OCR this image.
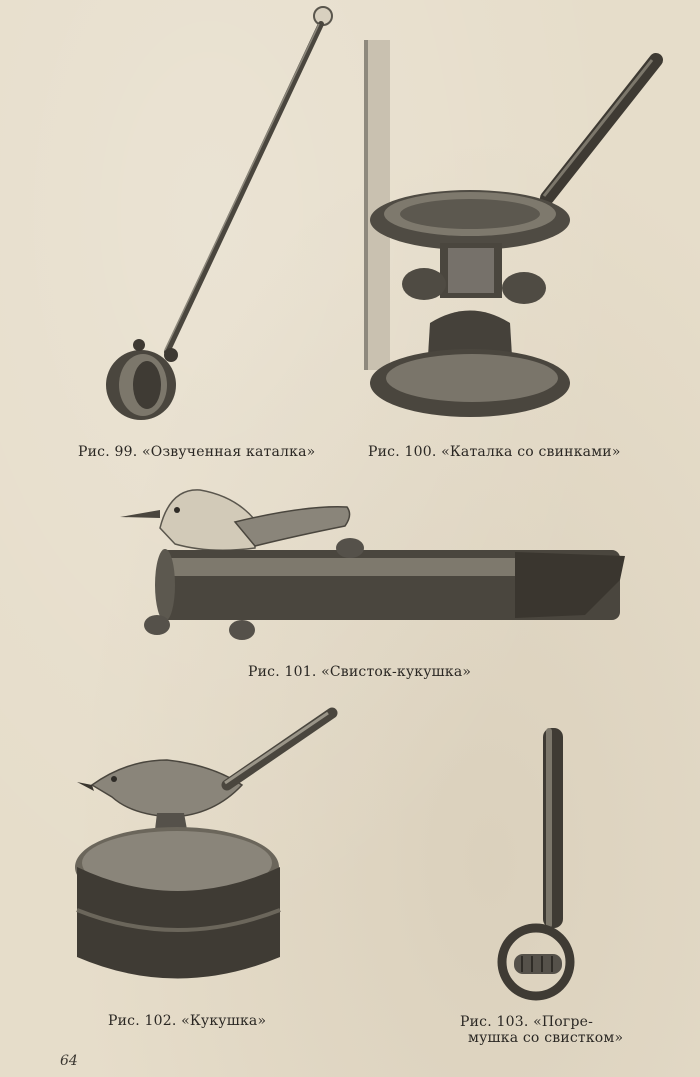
Рис. 99. «Озвученная каталка»	Рис. 100. «Каталка со свинками»
Рис. 101. «Свисток-кукушка»
Рис. 102. «Кукушка»	Рис. 103. «Погре-
мушка со свистком»
64
